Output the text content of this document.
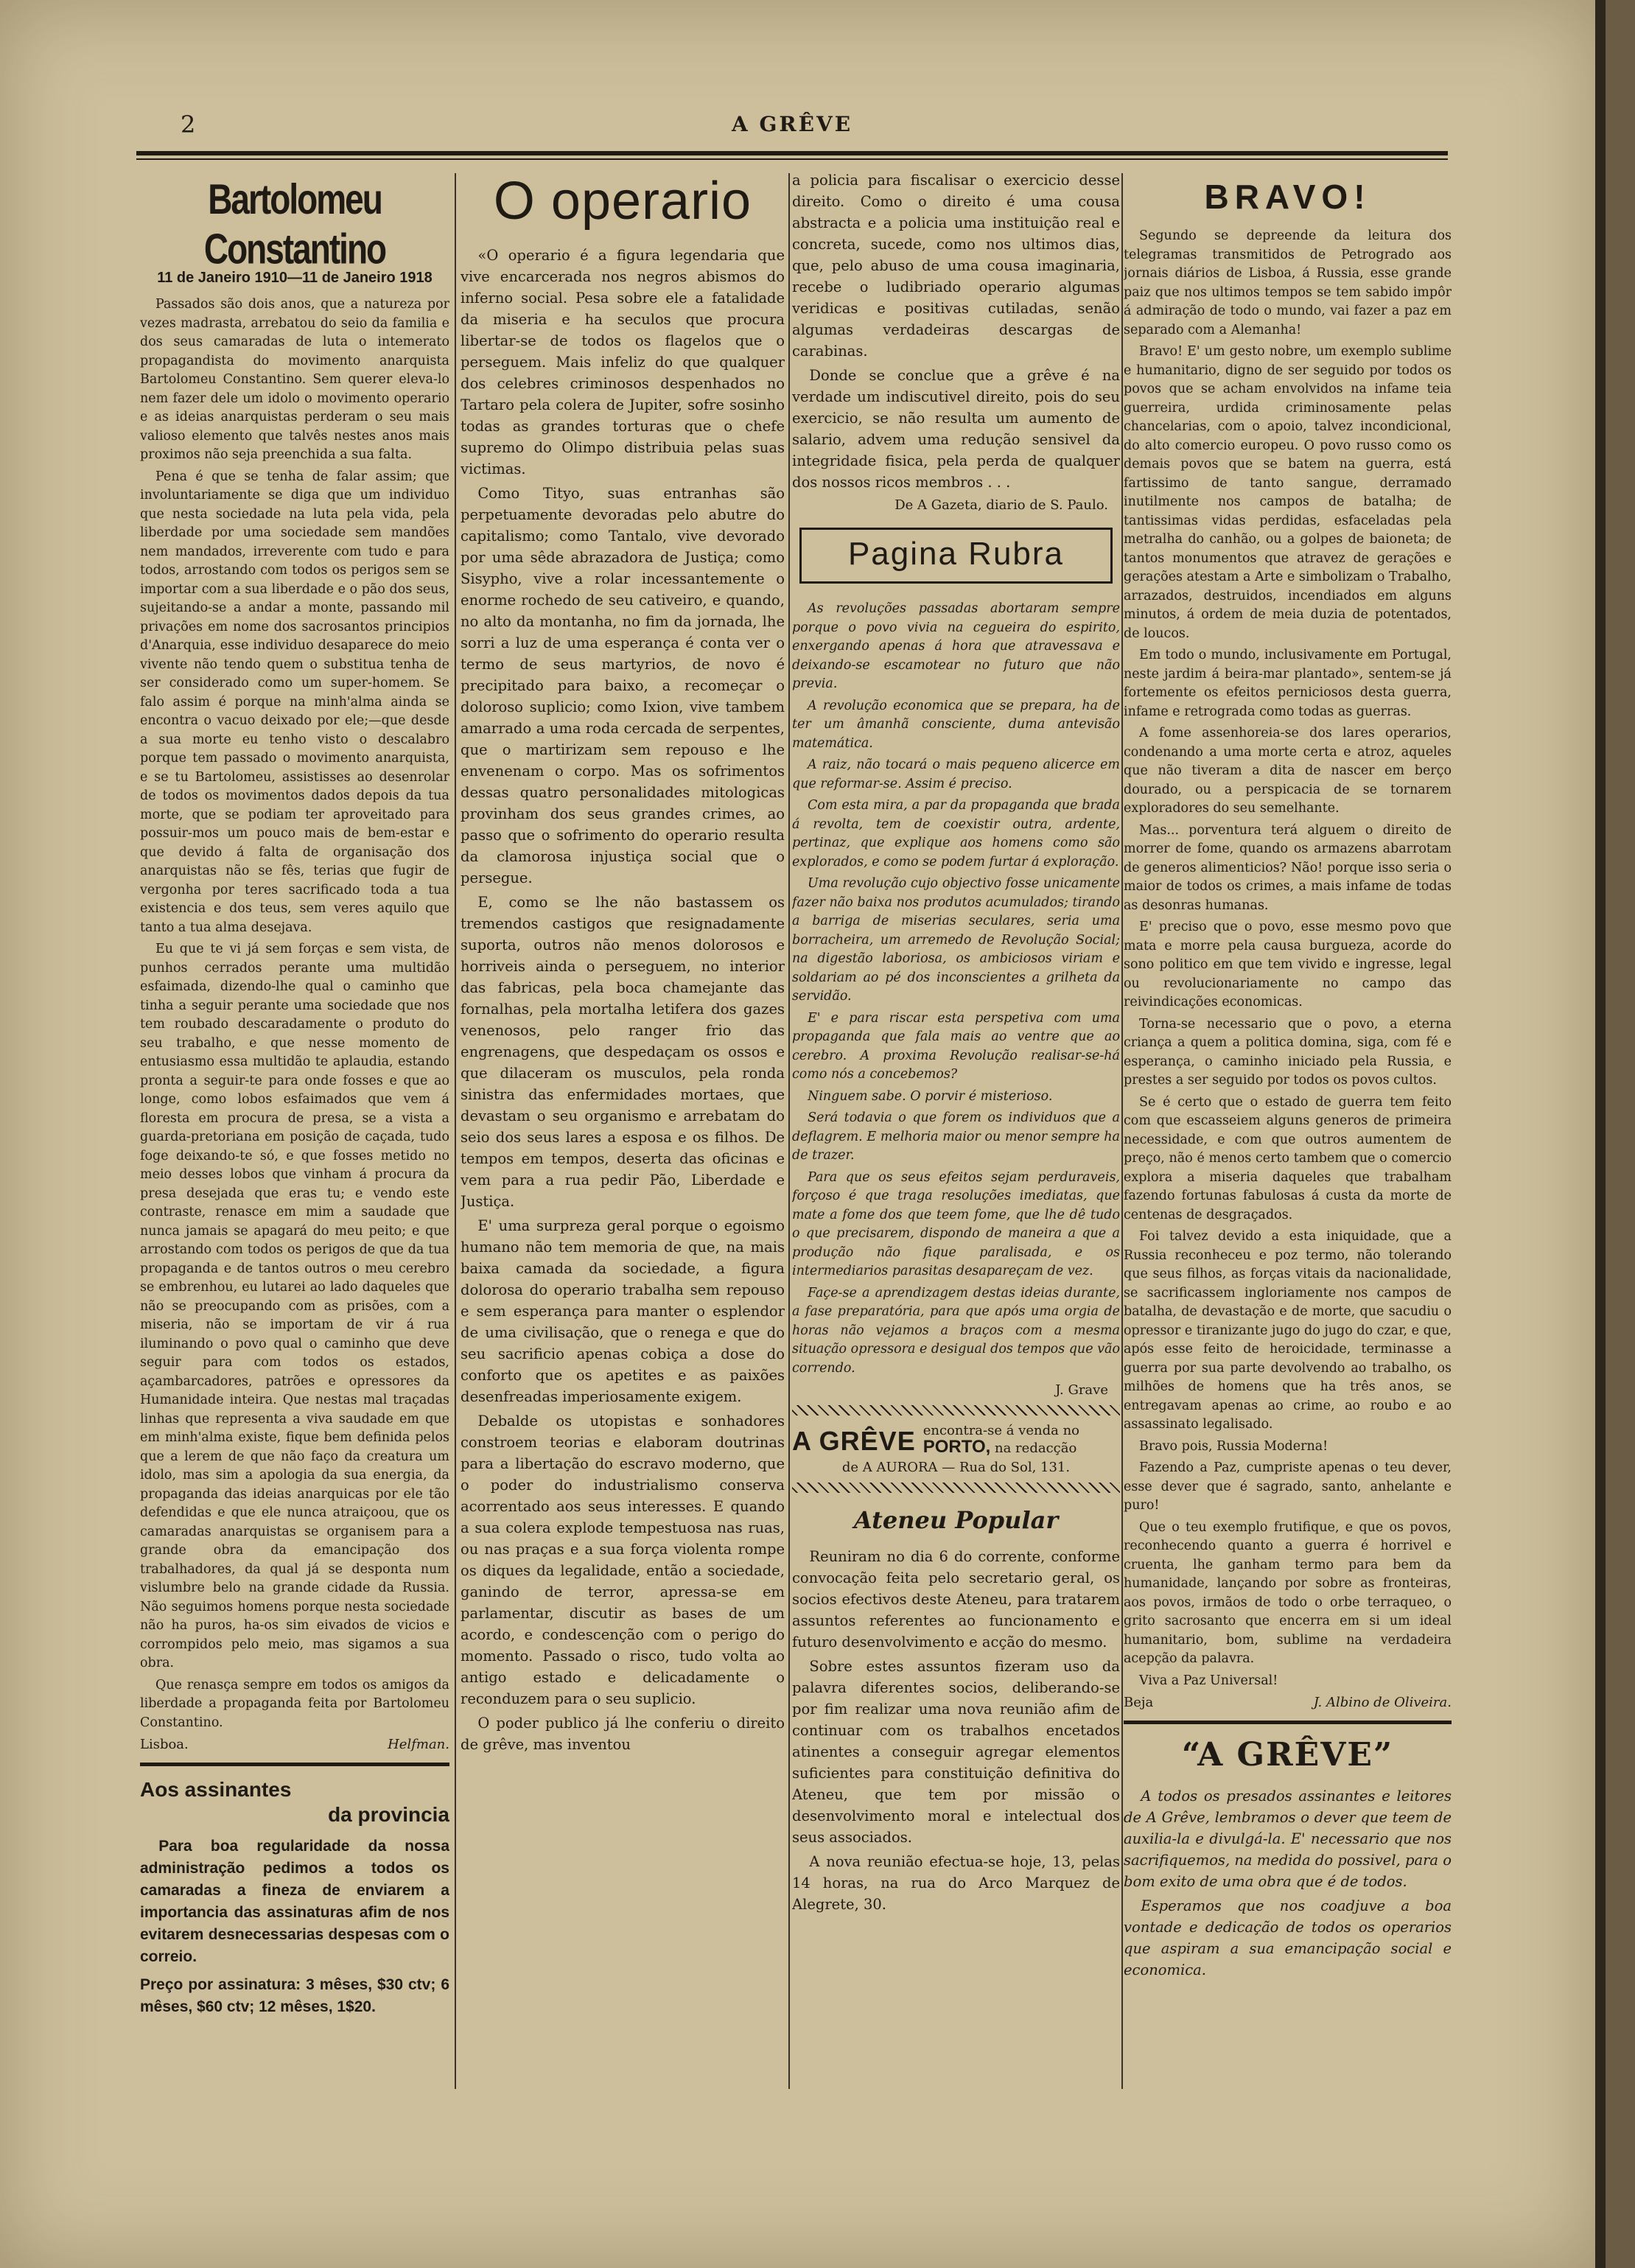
2	A GRÊVE
Bartolomeu Constantino
11 de Janeiro 1910—11 de Janeiro 1918

Passados são dois anos, que a natureza por vezes madrasta, arrebatou do seio da familia e dos seus camaradas de luta o intemerato propagandista do movimento anarquista Bartolomeu Constantino. Sem querer eleva-lo nem fazer dele um idolo o movimento operario e as ideias anarquistas perderam o seu mais valioso elemento que talvês nestes anos mais proximos não seja preenchida a sua falta.

Pena é que se tenha de falar assim; que involuntariamente se diga que um individuo que nesta sociedade na luta pela vida, pela liberdade por uma sociedade sem mandões nem mandados, irreverente com tudo e para todos, arrostando com todos os perigos sem se importar com a sua liberdade e o pão dos seus, sujeitando-se a andar a monte, passando mil privações em nome dos sacrosantos principios d'Anarquia, esse individuo desaparece do meio vivente não tendo quem o substitua tenha de ser considerado como um super-homem. Se falo assim é porque na minh'alma ainda se encontra o vacuo deixado por ele;—que desde a sua morte eu tenho visto o descalabro porque tem passado o movimento anarquista, e se tu Bartolomeu, assistisses ao desenrolar de todos os movimentos dados depois da tua morte, que se podiam ter aproveitado para possuir-mos um pouco mais de bem-estar e que devido á falta de organisação dos anarquistas não se fês, terias que fugir de vergonha por teres sacrificado toda a tua existencia e dos teus, sem veres aquilo que tanto a tua alma desejava.

Eu que te vi já sem forças e sem vista, de punhos cerrados perante uma multidão esfaimada, dizendo-lhe qual o caminho que tinha a seguir perante uma sociedade que nos tem roubado descaradamente o produto do seu trabalho, e que nesse momento de entusiasmo essa multidão te aplaudia, estando pronta a seguir-te para onde fosses e que ao longe, como lobos esfaimados que vem á floresta em procura de presa, se a vista a guarda-pretoriana em posição de caçada, tudo foge deixando-te só, e que fosses metido no meio desses lobos que vinham á procura da presa desejada que eras tu; e vendo este contraste, renasce em mim a saudade que nunca jamais se apagará do meu peito; e que arrostando com todos os perigos de que da tua propaganda e de tantos outros o meu cerebro se embrenhou, eu lutarei ao lado daqueles que não se preocupando com as prisões, com a miseria, não se importam de vir á rua iluminando o povo qual o caminho que deve seguir para com todos os estados, açambarcadores, patrões e opressores da Humanidade inteira. Que nestas mal traçadas linhas que representa a viva saudade em que em minh'alma existe, fique bem definida pelos que a lerem de que não faço da creatura um idolo, mas sim a apologia da sua energia, da propaganda das ideias anarquicas por ele tão defendidas e que ele nunca atraiçoou, que os camaradas anarquistas se organisem para a grande obra da emancipação dos trabalhadores, da qual já se desponta num vislumbre belo na grande cidade da Russia. Não seguimos homens porque nesta sociedade não ha puros, ha-os sim eivados de vicios e corrompidos pelo meio, mas sigamos a sua obra.

Que renasça sempre em todos os amigos da liberdade a propaganda feita por Bartolomeu Constantino.

Lisboa.	Helfman.
Aos assinantes
da provincia

Para boa regularidade da nossa administração pedimos a todos os camaradas a fineza de enviarem a importancia das assinaturas afim de nos evitarem desnecessarias despesas com o correio.

Preço por assinatura: 3 mêses, $30 ctv; 6 mêses, $60 ctv; 12 mêses, 1$20.

O operario

«O operario é a figura legendaria que vive encarcerada nos negros abismos do inferno social. Pesa sobre ele a fatalidade da miseria e ha seculos que procura libertar-se de todos os flagelos que o perseguem. Mais infeliz do que qualquer dos celebres criminosos despenhados no Tartaro pela colera de Jupiter, sofre sosinho todas as grandes torturas que o chefe supremo do Olimpo distribuia pelas suas victimas.

Como Tityo, suas entranhas são perpetuamente devoradas pelo abutre do capitalismo; como Tantalo, vive devorado por uma sêde abrazadora de Justiça; como Sisypho, vive a rolar incessantemente o enorme rochedo de seu cativeiro, e quando, no alto da montanha, no fim da jornada, lhe sorri a luz de uma esperança é conta ver o termo de seus martyrios, de novo é precipitado para baixo, a recomeçar o doloroso suplicio; como Ixion, vive tambem amarrado a uma roda cercada de serpentes, que o martirizam sem repouso e lhe envenenam o corpo. Mas os sofrimentos dessas quatro personalidades mitologicas provinham dos seus grandes crimes, ao passo que o sofrimento do operario resulta da clamorosa injustiça social que o persegue.

E, como se lhe não bastassem os tremendos castigos que resignadamente suporta, outros não menos dolorosos e horriveis ainda o perseguem, no interior das fabricas, pela boca chamejante das fornalhas, pela mortalha letifera dos gazes venenosos, pelo ranger frio das engrenagens, que despedaçam os ossos e que dilaceram os musculos, pela ronda sinistra das enfermidades mortaes, que devastam o seu organismo e arrebatam do seio dos seus lares a esposa e os filhos. De tempos em tempos, deserta das oficinas e vem para a rua pedir Pão, Liberdade e Justiça.

E' uma surpreza geral porque o egoismo humano não tem memoria de que, na mais baixa camada da sociedade, a figura dolorosa do operario trabalha sem repouso e sem esperança para manter o esplendor de uma civilisação, que o renega e que do seu sacrificio apenas cobiça a dose do conforto que os apetites e as paixões desenfreadas imperiosamente exigem.

Debalde os utopistas e sonhadores constroem teorias e elaboram doutrinas para a libertação do escravo moderno, que o poder do industrialismo conserva acorrentado aos seus interesses. E quando a sua colera explode tempestuosa nas ruas, ou nas praças e a sua força violenta rompe os diques da legalidade, então a sociedade, ganindo de terror, apressa-se em parlamentar, discutir as bases de um acordo, e condescenção com o perigo do momento. Passado o risco, tudo volta ao antigo estado e delicadamente o reconduzem para o seu suplicio.

O poder publico já lhe conferiu o direito de grêve, mas inventou

a policia para fiscalisar o exercicio desse direito. Como o direito é uma cousa abstracta e a policia uma instituição real e concreta, sucede, como nos ultimos dias, que, pelo abuso de uma cousa imaginaria, recebe o ludibriado operario algumas veridicas e positivas cutiladas, senão algumas verdadeiras descargas de carabinas.

Donde se conclue que a grêve é na verdade um indiscutivel direito, pois do seu exercicio, se não resulta um aumento de salario, advem uma redução sensivel da integridade fisica, pela perda de qualquer dos nossos ricos membros . . .

De A Gazeta, diario de S. Paulo.
Pagina Rubra

As revoluções passadas abortaram sempre porque o povo vivia na cegueira do espirito, enxergando apenas á hora que atravessava e deixando-se escamotear no futuro que não previa.

A revolução economica que se prepara, ha de ter um âmanhã consciente, duma antevisão matemática.

A raiz, não tocará o mais pequeno alicerce em que reformar-se. Assim é preciso.

Com esta mira, a par da propaganda que brada á revolta, tem de coexistir outra, ardente, pertinaz, que explique aos homens como são explorados, e como se podem furtar á exploração.

Uma revolução cujo objectivo fosse unicamente fazer não baixa nos produtos acumulados; tirando a barriga de miserias seculares, seria uma borracheira, um arremedo de Revolução Social; na digestão laboriosa, os ambiciosos viriam e soldariam ao pé dos inconscientes a grilheta da servidão.

E' e para riscar esta perspetiva com uma propaganda que fala mais ao ventre que ao cerebro. A proxima Revolução realisar-se-há como nós a concebemos?

Ninguem sabe. O porvir é misterioso.

Será todavia o que forem os individuos que a deflagrem. E melhoria maior ou menor sempre ha de trazer.

Para que os seus efeitos sejam perduraveis, forçoso é que traga resoluções imediatas, que mate a fome dos que teem fome, que lhe dê tudo o que precisarem, dispondo de maneira a que a produção não fique paralisada, e os intermediarios parasitas desapareçam de vez.

Façe-se a aprendizagem destas ideias durante, a fase preparatória, para que após uma orgia de horas não vejamos a braços com a mesma situação opressora e desigual dos tempos que vão correndo.

J. Grave
A GRÊVE encontra-se á venda no
PORTO, na redacção
de A AURORA — Rua do Sol, 131.
Ateneu Popular

Reuniram no dia 6 do corrente, conforme convocação feita pelo secretario geral, os socios efectivos deste Ateneu, para tratarem assuntos referentes ao funcionamento e futuro desenvolvimento e acção do mesmo.

Sobre estes assuntos fizeram uso da palavra diferentes socios, deliberando-se por fim realizar uma nova reunião afim de continuar com os trabalhos encetados atinentes a conseguir agregar elementos suficientes para constituição definitiva do Ateneu, que tem por missão o desenvolvimento moral e intelectual dos seus associados.

A nova reunião efectua-se hoje, 13, pelas 14 horas, na rua do Arco Marquez de Alegrete, 30.

BRAVO!

Segundo se depreende da leitura dos telegramas transmitidos de Petrogrado aos jornais diários de Lisboa, á Russia, esse grande paiz que nos ultimos tempos se tem sabido impôr á admiração de todo o mundo, vai fazer a paz em separado com a Alemanha!

Bravo! E' um gesto nobre, um exemplo sublime e humanitario, digno de ser seguido por todos os povos que se acham envolvidos na infame teia guerreira, urdida criminosamente pelas chancelarias, com o apoio, talvez incondicional, do alto comercio europeu. O povo russo como os demais povos que se batem na guerra, está fartissimo de tanto sangue, derramado inutilmente nos campos de batalha; de tantissimas vidas perdidas, esfaceladas pela metralha do canhão, ou a golpes de baioneta; de tantos monumentos que atravez de gerações e gerações atestam a Arte e simbolizam o Trabalho, arrazados, destruidos, incendiados em alguns minutos, á ordem de meia duzia de potentados, de loucos.

Em todo o mundo, inclusivamente em Portugal, neste jardim á beira-mar plantado», sentem-se já fortemente os efeitos perniciosos desta guerra, infame e retrograda como todas as guerras.

A fome assenhoreia-se dos lares operarios, condenando a uma morte certa e atroz, aqueles que não tiveram a dita de nascer em berço dourado, ou a perspicacia de se tornarem exploradores do seu semelhante.

Mas... porventura terá alguem o direito de morrer de fome, quando os armazens abarrotam de generos alimenticios? Não! porque isso seria o maior de todos os crimes, a mais infame de todas as desonras humanas.

E' preciso que o povo, esse mesmo povo que mata e morre pela causa burgueza, acorde do sono politico em que tem vivido e ingresse, legal ou revolucionariamente no campo das reivindicações economicas.

Torna-se necessario que o povo, a eterna criança a quem a politica domina, siga, com fé e esperança, o caminho iniciado pela Russia, e prestes a ser seguido por todos os povos cultos.

Se é certo que o estado de guerra tem feito com que escasseiem alguns generos de primeira necessidade, e com que outros aumentem de preço, não é menos certo tambem que o comercio explora a miseria daqueles que trabalham fazendo fortunas fabulosas á custa da morte de centenas de desgraçados.

Foi talvez devido a esta iniquidade, que a Russia reconheceu e poz termo, não tolerando que seus filhos, as forças vitais da nacionalidade, se sacrificassem ingloriamente nos campos de batalha, de devastação e de morte, que sacudiu o opressor e tiranizante jugo do jugo do czar, e que, após esse feito de heroicidade, terminasse a guerra por sua parte devolvendo ao trabalho, os milhões de homens que ha três anos, se entregavam apenas ao crime, ao roubo e ao assassinato legalisado.

Bravo pois, Russia Moderna!

Fazendo a Paz, cumpriste apenas o teu dever, esse dever que é sagrado, santo, anhelante e puro!

Que o teu exemplo frutifique, e que os povos, reconhecendo quanto a guerra é horrivel e cruenta, lhe ganham termo para bem da humanidade, lançando por sobre as fronteiras, aos povos, irmãos de todo o orbe terraqueo, o grito sacrosanto que encerra em si um ideal humanitario, bom, sublime na verdadeira acepção da palavra.

Viva a Paz Universal!

Beja	J. Albino de Oliveira.
“A GRÊVE”

A todos os presados assinantes e leitores de A Grêve, lembramos o dever que teem de auxilia-la e divulgá-la. E' necessario que nos sacrifiquemos, na medida do possivel, para o bom exito de uma obra que é de todos.

Esperamos que nos coadjuve a boa vontade e dedicação de todos os operarios que aspiram a sua emancipação social e economica.
